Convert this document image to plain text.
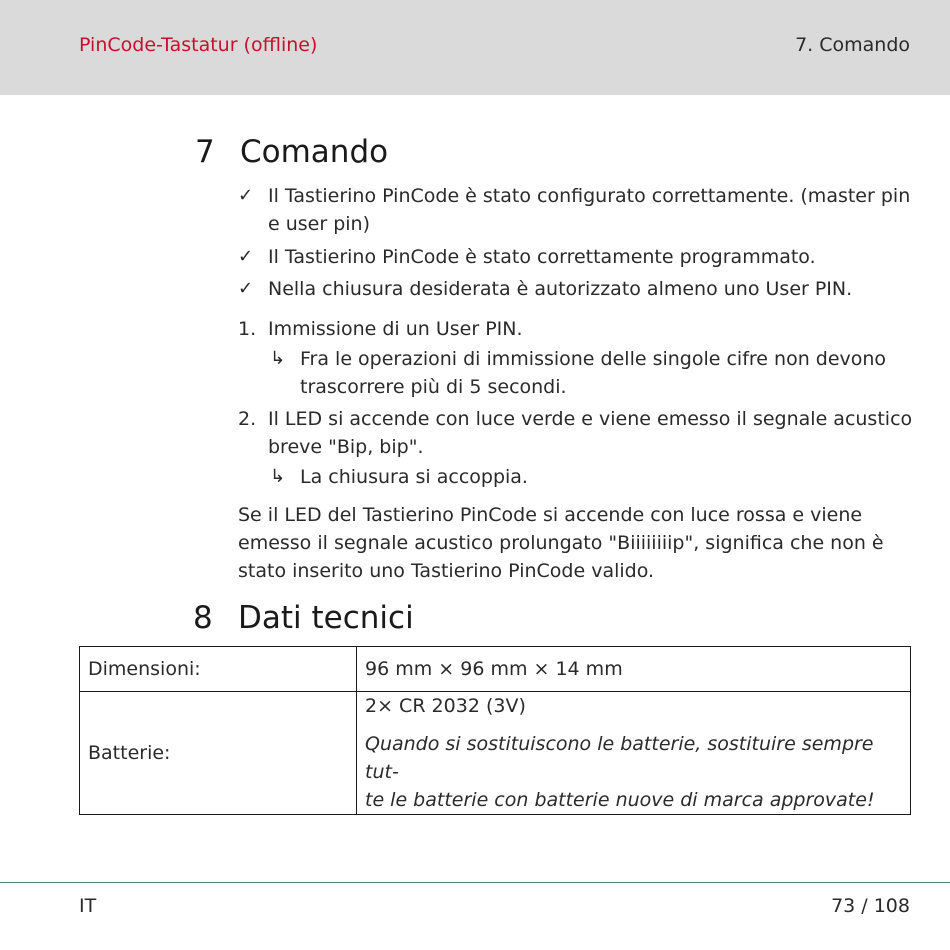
PinCode-Tastatur (offline)	7. Comando
7 Comando
✓ Il Tastierino PinCode è stato configurato correttamente. (master pin
e user pin)
✓ Il Tastierino PinCode è stato correttamente programmato.
✓ Nella chiusura desiderata è autorizzato almeno uno User PIN.
1. Immissione di un User PIN.
↳ Fra le operazioni di immissione delle singole cifre non devono
trascorrere più di 5 secondi.
2. Il LED si accende con luce verde e viene emesso il segnale acustico
breve "Bip, bip".
↳ La chiusura si accoppia.
Se il LED del Tastierino PinCode si accende con luce rossa e viene
emesso il segnale acustico prolungato "Biiiiiiiip", significa che non è
stato inserito uno Tastierino PinCode valido.
8 Dati tecnici
Dimensioni:	96 mm × 96 mm × 14 mm
Batterie:	2× CR 2032 (3V)
Quando si sostituiscono le batterie, sostituire sempre tut-
te le batterie con batterie nuove di marca approvate!
IT	73 / 108
